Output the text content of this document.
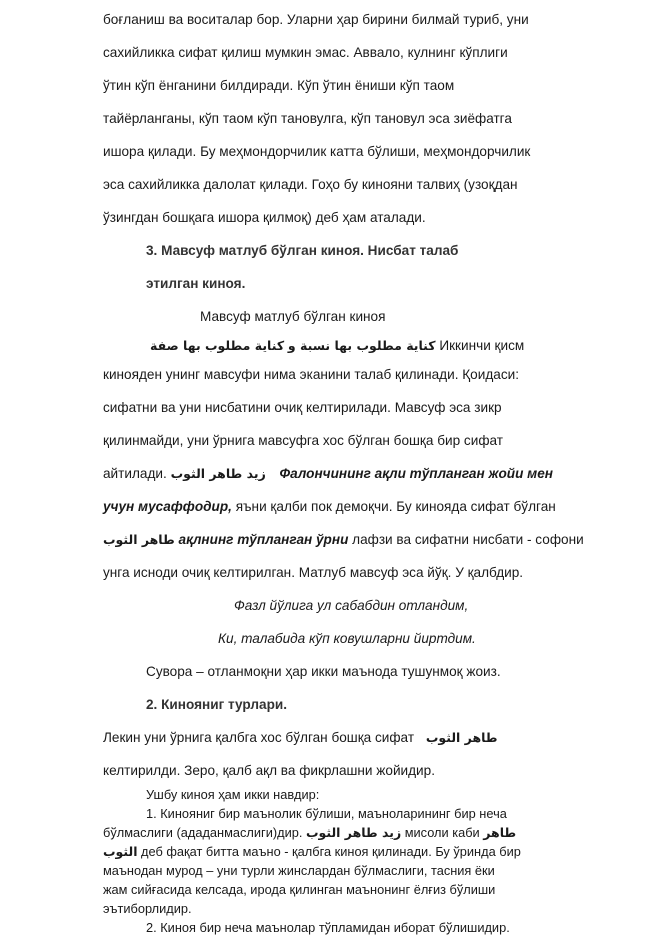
боғланиш ва воситалар бор. Уларни ҳар бирини билмай туриб, уни
сахийликка сифат қилиш мумкин эмас. Аввало, кулнинг кўплиги
ўтин кўп ёнганини билдиради. Кўп ўтин ёниши кўп таом
тайёрланганы, кўп таом кўп тановулга, кўп тановул эса зиёфатга
ишора қилади. Бу меҳмондорчилик катта бўлиши, меҳмондорчилик
эса сахийликка далолат қилади. Гоҳо бу кинояни талвиҳ (узоқдан
ўзингдан бошқага ишора қилмоқ) деб ҳам аталади.
3. Мавсуф матлуб бўлган киноя. Нисбат талаб
этилган киноя.
Мавсуф матлуб бўлган киноя
كناية مطلوب بها نسبة و كناية مطلوب بها صفة	Иккинчи қисм
кинояден унинг мавсуфи нима эканини талаб қилинади. Қоидаси:
сифатни ва уни нисбатини очиқ келтирилади. Мавсуф эса зикр
қилинмайди, уни ўрнига мавсуфга хос бўлган бошқа бир сифат
айтилади. زيد طاهر الثوب Фалончининг ақли тўпланган жойи мен
учун мусаффодир, яъни қалби пок демоқчи. Бу кинояда сифат бўлган
طاهر الثوب ақлнинг тўпланган ўрни лафзи ва сифатни нисбати - софони
унга исноди очиқ келтирилган. Матлуб мавсуф эса йўқ. У қалбдир.
Фазл йўлига ул сабабдин отландим,
Ки, талабида кўп ковушларни йиртдим.
Сувора – отланмоқни ҳар икки маънода тушунмоқ жоиз.
2. Кинояниг турлари.
Лекин уни ўрнига қалбга хос бўлган бошқа сифат طاهر الثوب
келтирилди. Зеро, қалб ақл ва фикрлашни жойидир.
Ушбу киноя ҳам икки навдир:
1. Кинояниг бир маънолик бўлиши, маъноларининг бир неча
бўлмаслиги (ададанмаслиги)дир. زيد طاهر الثوب мисоли каби طاهر
الثوب деб фақат битта маъно - қалбга киноя қилинади. Бу ўринда бир
маънодан мурод – уни турли жинслардан бўлмаслиги, тасния ёки
жам сийғасида келсада, ирода қилинган маънонинг ёлғиз бўлиши
эътиборлидир.
2. Киноя бир неча маънолар тўпламидан иборат бўлишидир.
